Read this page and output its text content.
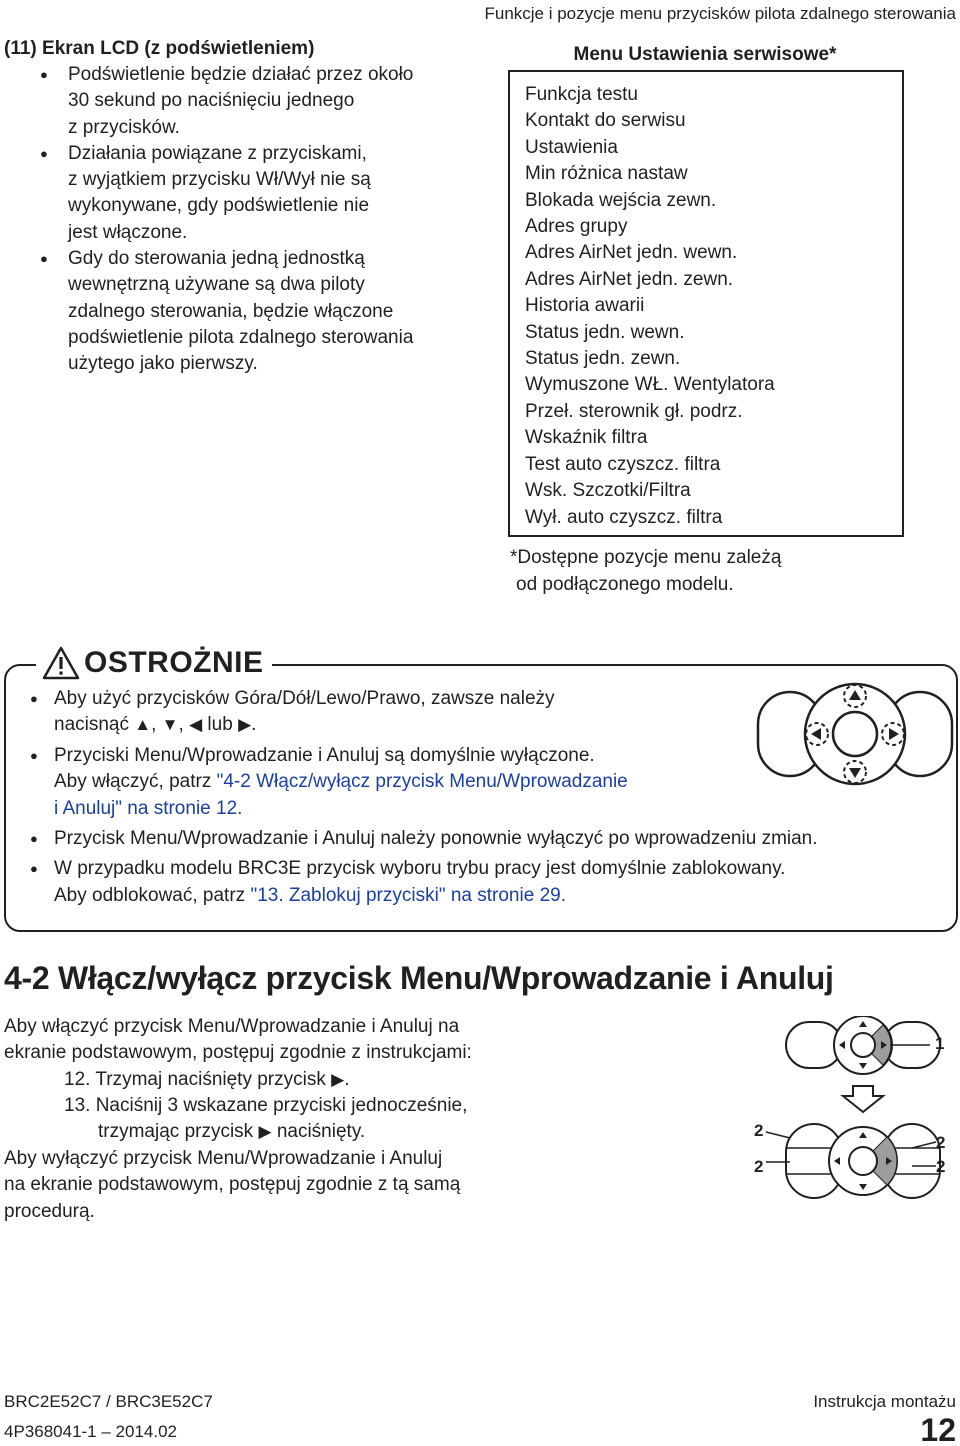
Funkcje i pozycje menu przycisków pilota zdalnego sterowania
(11) Ekran LCD (z podświetleniem)
● Podświetlenie będzie działać przez około
30 sekund po naciśnięciu jednego
z przycisków.
● Działania powiązane z przyciskami,
z wyjątkiem przycisku Wł/Wył nie są
wykonywane, gdy podświetlenie nie
jest włączone.
● Gdy do sterowania jedną jednostką
wewnętrzną używane są dwa piloty
zdalnego sterowania, będzie włączone
podświetlenie pilota zdalnego sterowania
użytego jako pierwszy.
Menu Ustawienia serwisowe*
Funkcja testu
Kontakt do serwisu
Ustawienia
Min różnica nastaw
Blokada wejścia zewn.
Adres grupy
Adres AirNet jedn. wewn.
Adres AirNet jedn. zewn.
Historia awarii
Status jedn. wewn.
Status jedn. zewn.
Wymuszone WŁ. Wentylatora
Przeł. sterownik gł. podrz.
Wskaźnik filtra
Test auto czyszcz. filtra
Wsk. Szczotki/Filtra
Wył. auto czyszcz. filtra
*Dostępne pozycje menu zależą
od podłączonego modelu.
OSTROŻNIE
● Aby użyć przycisków Góra/Dół/Lewo/Prawo, zawsze należy
nacisnąć ▲, ▼, ◀ lub ▶.
● Przyciski Menu/Wprowadzanie i Anuluj są domyślnie wyłączone.
Aby włączyć, patrz "4-2 Włącz/wyłącz przycisk Menu/Wprowadzanie
i Anuluj" na stronie 12.
● Przycisk Menu/Wprowadzanie i Anuluj należy ponownie wyłączyć po wprowadzeniu zmian.
● W przypadku modelu BRC3E przycisk wyboru trybu pracy jest domyślnie zablokowany.
Aby odblokować, patrz "13. Zablokuj przyciski" na stronie 29.
4-2 Włącz/wyłącz przycisk Menu/Wprowadzanie i Anuluj
Aby włączyć przycisk Menu/Wprowadzanie i Anuluj na
ekranie podstawowym, postępuj zgodnie z instrukcjami:
12. Trzymaj naciśnięty przycisk ▶.
13. Naciśnij 3 wskazane przyciski jednocześnie,
trzymając przycisk ▶ naciśnięty.
Aby wyłączyć przycisk Menu/Wprowadzanie i Anuluj
na ekranie podstawowym, postępuj zgodnie z tą samą
procedurą.
1
2
2
2
2
BRC2E52C7 / BRC3E52C7
4P368041-1 – 2014.02
Instrukcja montażu
12
